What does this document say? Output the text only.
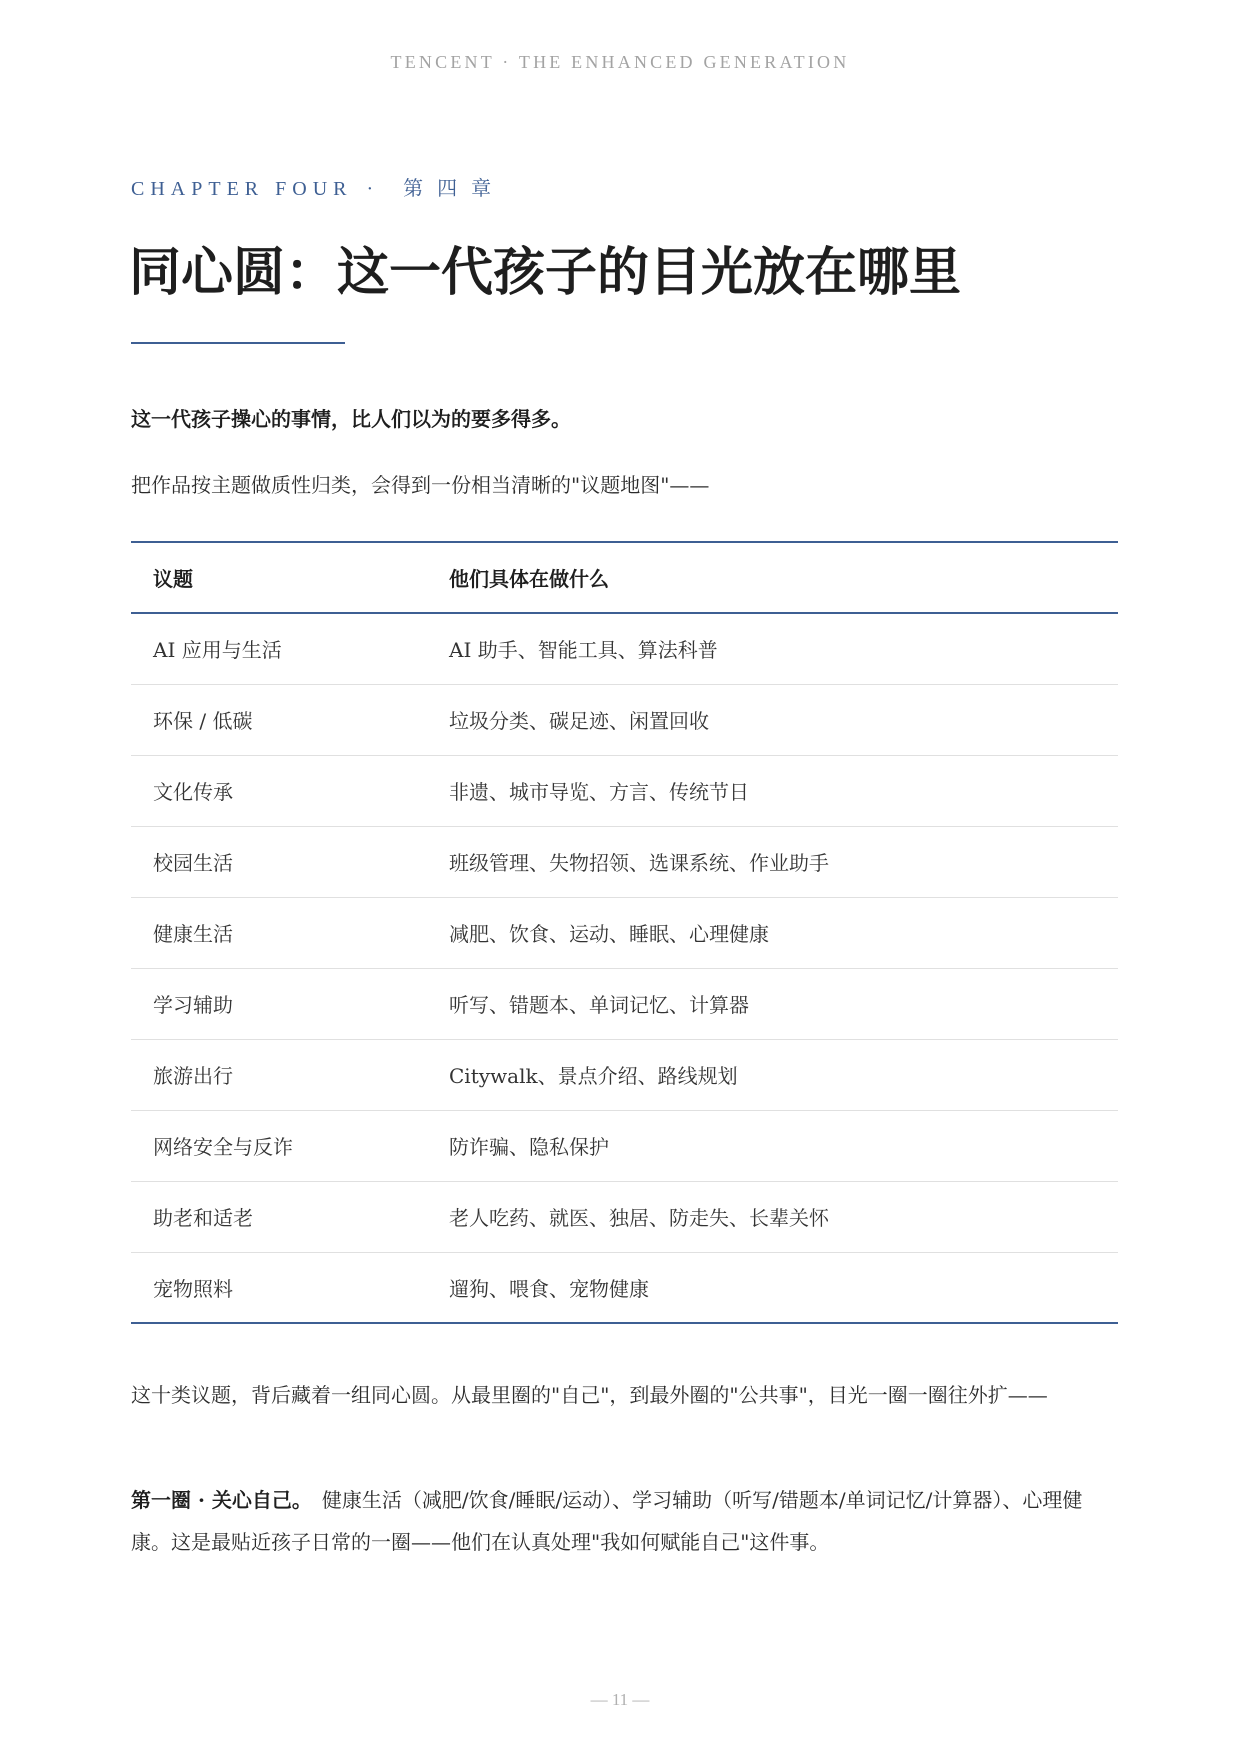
TENCENT · THE ENHANCED GENERATION
CHAPTER FOUR · 第四章
同心圆：这一代孩子的目光放在哪里
这一代孩子操心的事情，比人们以为的要多得多。
把作品按主题做质性归类，会得到一份相当清晰的"议题地图"——
议题	他们具体在做什么
AI 应用与生活	AI 助手、智能工具、算法科普
环保 / 低碳	垃圾分类、碳足迹、闲置回收
文化传承	非遗、城市导览、方言、传统节日
校园生活	班级管理、失物招领、选课系统、作业助手
健康生活	减肥、饮食、运动、睡眠、心理健康
学习辅助	听写、错题本、单词记忆、计算器
旅游出行	Citywalk、景点介绍、路线规划
网络安全与反诈	防诈骗、隐私保护
助老和适老	老人吃药、就医、独居、防走失、长辈关怀
宠物照料	遛狗、喂食、宠物健康

这十类议题，背后藏着一组同心圆。从最里圈的"自己"，到最外圈的"公共事"，目光一圈一圈往外扩——

第一圈 · 关心自己。 健康生活（减肥/饮食/睡眠/运动）、学习辅助（听写/错题本/单词记忆/计算器）、心理健康。这是最贴近孩子日常的一圈——他们在认真处理"我如何赋能自己"这件事。

— 11 —
